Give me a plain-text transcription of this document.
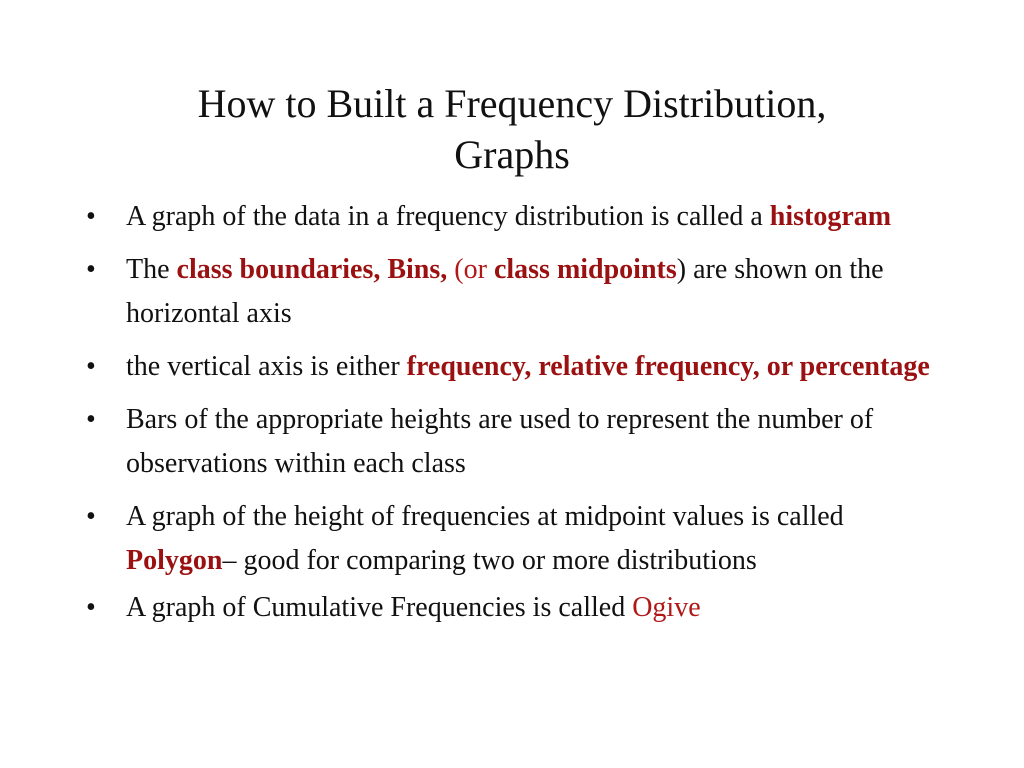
How to Built a Frequency Distribution,
Graphs
• A graph of the data in a frequency distribution is called a histogram
• The class boundaries, Bins, (or class midpoints) are shown on the horizontal axis
• the vertical axis is either frequency, relative frequency, or percentage
• Bars of the appropriate heights are used to represent the number of observations within each class
• A graph of the height of frequencies at midpoint values is called Polygon– good for comparing two or more distributions
• A graph of Cumulative Frequencies is called Ogive
